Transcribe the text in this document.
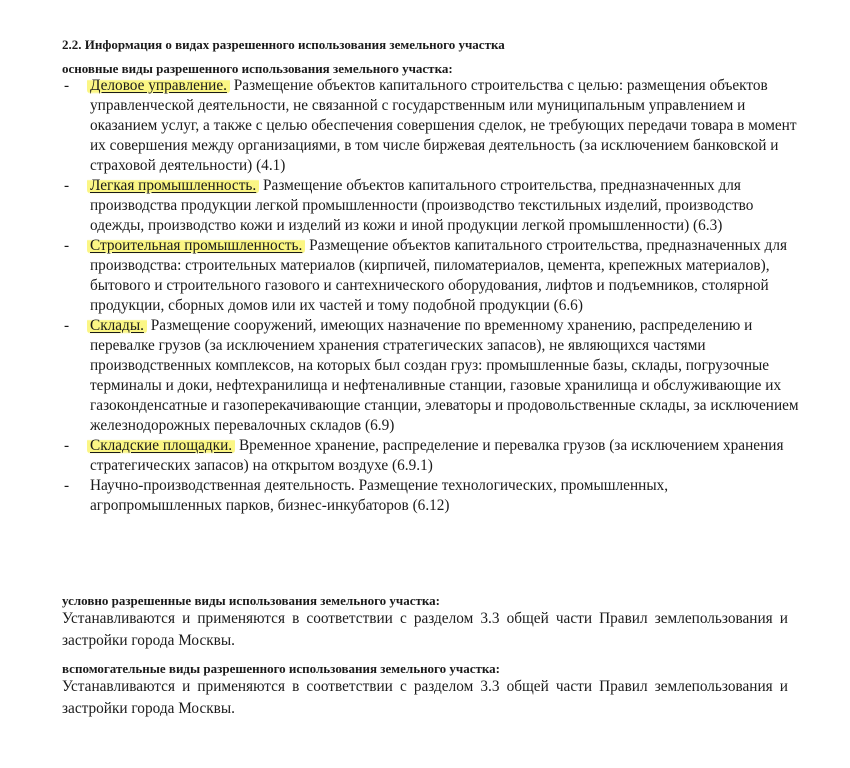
2.2. Информация о видах разрешенного использования земельного участка
основные виды разрешенного использования земельного участка:
- Деловое управление. Размещение объектов капитального строительства с целью: размещения объектов управленческой деятельности, не связанной с государственным или муниципальным управлением и оказанием услуг, а также с целью обеспечения совершения сделок, не требующих передачи товара в момент их совершения между организациями, в том числе биржевая деятельность (за исключением банковской и страховой деятельности) (4.1)
- Легкая промышленность. Размещение объектов капитального строительства, предназначенных для производства продукции легкой промышленности (производство текстильных изделий, производство одежды, производство кожи и изделий из кожи и иной продукции легкой промышленности) (6.3)
- Строительная промышленность. Размещение объектов капитального строительства, предназначенных для производства: строительных материалов (кирпичей, пиломатериалов, цемента, крепежных материалов), бытового и строительного газового и сантехнического оборудования, лифтов и подъемников, столярной продукции, сборных домов или их частей и тому подобной продукции (6.6)
- Склады. Размещение сооружений, имеющих назначение по временному хранению, распределению и перевалке грузов (за исключением хранения стратегических запасов), не являющихся частями производственных комплексов, на которых был создан груз: промышленные базы, склады, погрузочные терминалы и доки, нефтехранилища и нефтеналивные станции, газовые хранилища и обслуживающие их газоконденсатные и газоперекачивающие станции, элеваторы и продовольственные склады, за исключением железнодорожных перевалочных складов (6.9)
- Складские площадки. Временное хранение, распределение и перевалка грузов (за исключением хранения стратегических запасов) на открытом воздухе (6.9.1)
- Научно-производственная деятельность. Размещение технологических, промышленных, агропромышленных парков, бизнес-инкубаторов (6.12)
условно разрешенные виды использования земельного участка:
Устанавливаются и применяются в соответствии с разделом 3.3 общей части Правил землепользования и застройки города Москвы.
вспомогательные виды разрешенного использования земельного участка:
Устанавливаются и применяются в соответствии с разделом 3.3 общей части Правил землепользования и застройки города Москвы.
